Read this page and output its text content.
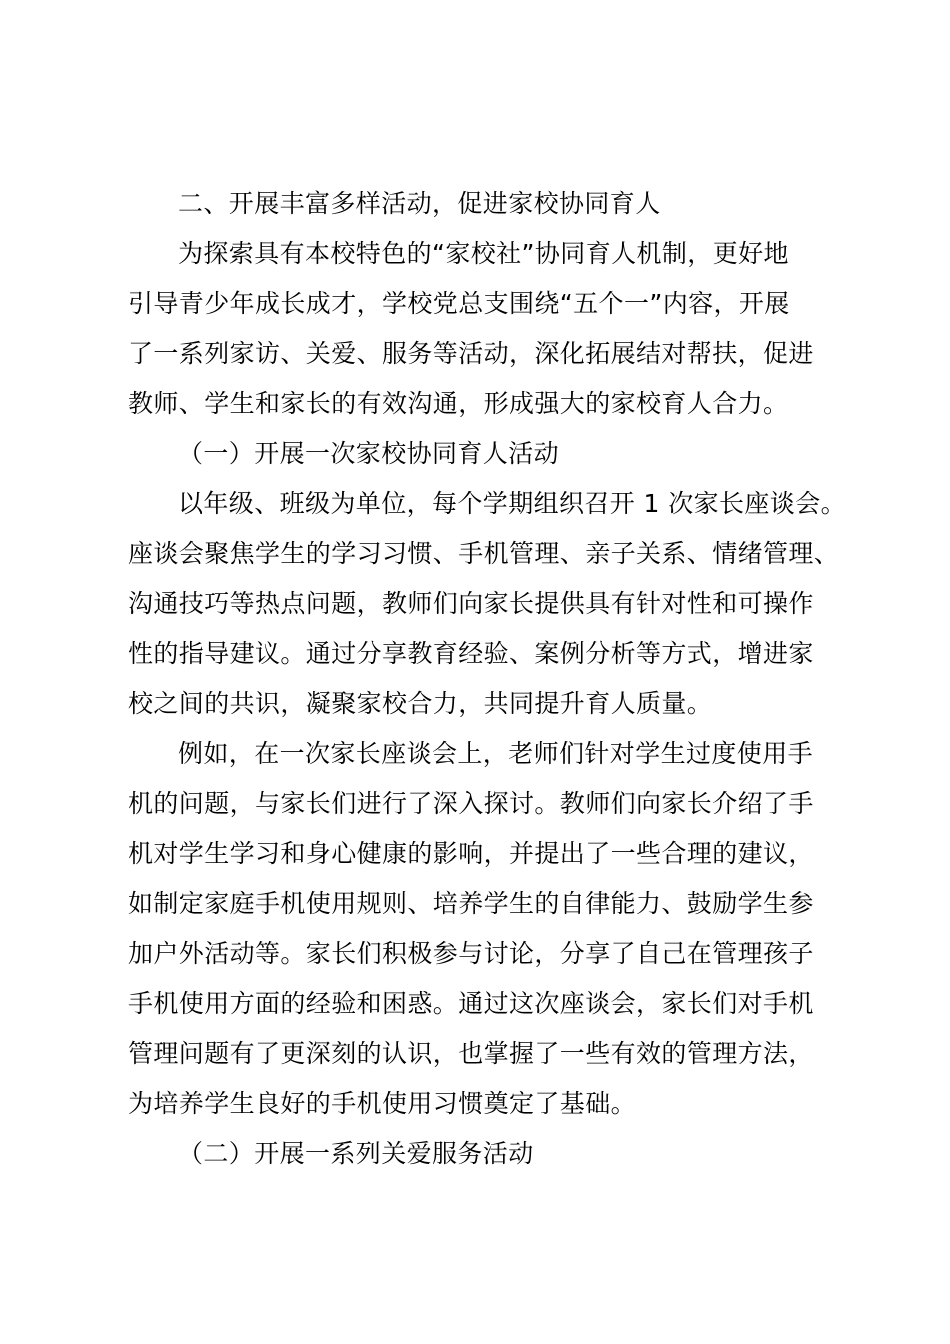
二、开展丰富多样活动，促进家校协同育人
为探索具有本校特色的“家校社”协同育人机制，更好地
引导青少年成长成才，学校党总支围绕“五个一”内容，开展
了一系列家访、关爱、服务等活动，深化拓展结对帮扶，促进
教师、学生和家长的有效沟通，形成强大的家校育人合力。
（一）开展一次家校协同育人活动
以年级、班级为单位，每个学期组织召开 1 次家长座谈会。
座谈会聚焦学生的学习习惯、手机管理、亲子关系、情绪管理、
沟通技巧等热点问题，教师们向家长提供具有针对性和可操作
性的指导建议。通过分享教育经验、案例分析等方式，增进家
校之间的共识，凝聚家校合力，共同提升育人质量。
例如，在一次家长座谈会上，老师们针对学生过度使用手
机的问题，与家长们进行了深入探讨。教师们向家长介绍了手
机对学生学习和身心健康的影响，并提出了一些合理的建议，
如制定家庭手机使用规则、培养学生的自律能力、鼓励学生参
加户外活动等。家长们积极参与讨论，分享了自己在管理孩子
手机使用方面的经验和困惑。通过这次座谈会，家长们对手机
管理问题有了更深刻的认识，也掌握了一些有效的管理方法，
为培养学生良好的手机使用习惯奠定了基础。
（二）开展一系列关爱服务活动
